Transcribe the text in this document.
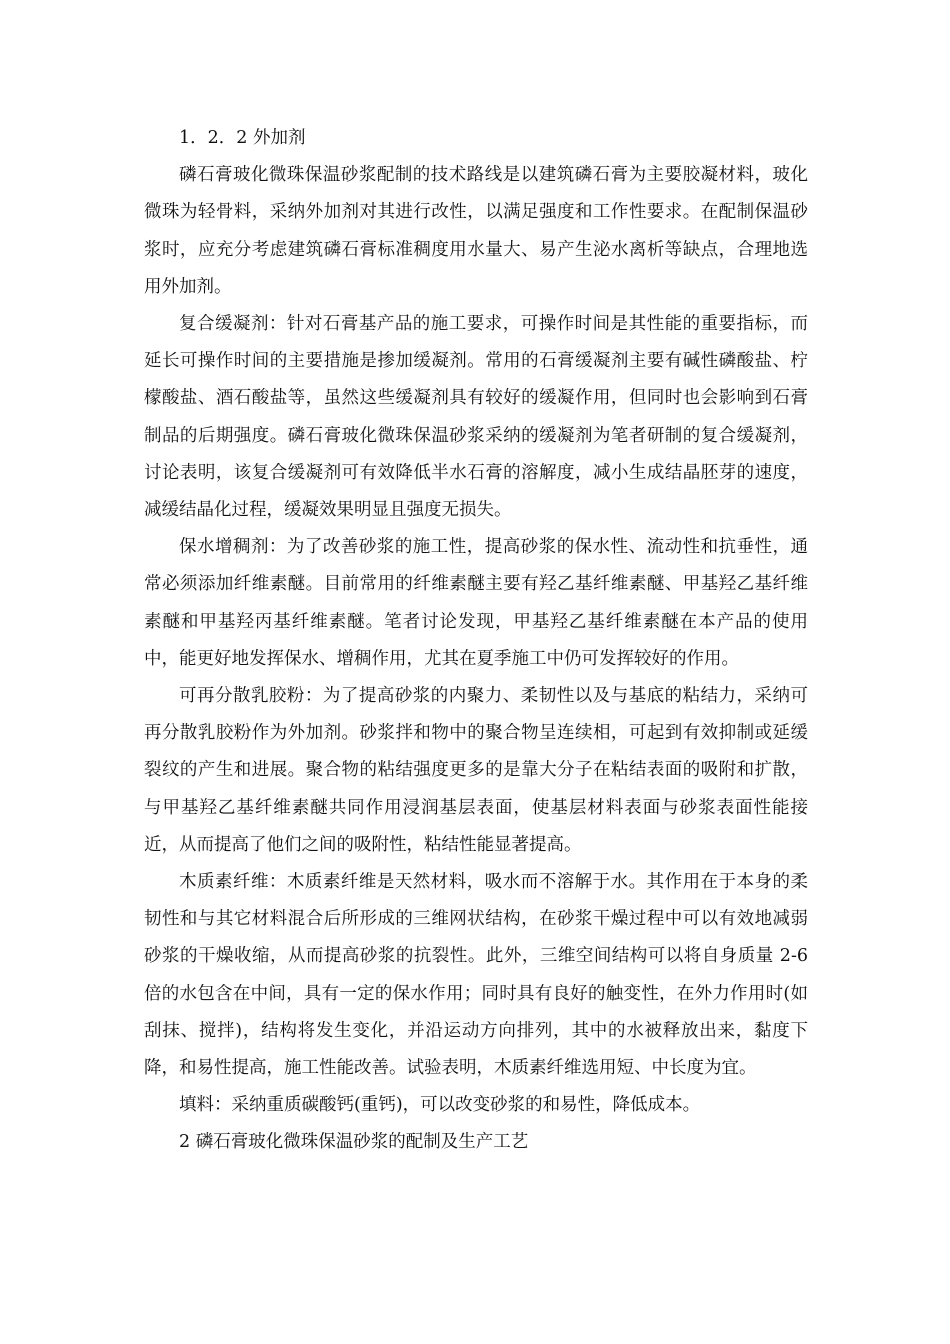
1．2．2 外加剂

磷石膏玻化微珠保温砂浆配制的技术路线是以建筑磷石膏为主要胶凝材料，玻化微珠为轻骨料，采纳外加剂对其进行改性，以满足强度和工作性要求。在配制保温砂浆时，应充分考虑建筑磷石膏标准稠度用水量大、易产生泌水离析等缺点，合理地选用外加剂。

复合缓凝剂：针对石膏基产品的施工要求，可操作时间是其性能的重要指标，而延长可操作时间的主要措施是掺加缓凝剂。常用的石膏缓凝剂主要有碱性磷酸盐、柠檬酸盐、酒石酸盐等，虽然这些缓凝剂具有较好的缓凝作用，但同时也会影响到石膏制品的后期强度。磷石膏玻化微珠保温砂浆采纳的缓凝剂为笔者研制的复合缓凝剂，讨论表明，该复合缓凝剂可有效降低半水石膏的溶解度，减小生成结晶胚芽的速度，减缓结晶化过程，缓凝效果明显且强度无损失。

保水增稠剂：为了改善砂浆的施工性，提高砂浆的保水性、流动性和抗垂性，通常必须添加纤维素醚。目前常用的纤维素醚主要有羟乙基纤维素醚、甲基羟乙基纤维素醚和甲基羟丙基纤维素醚。笔者讨论发现，甲基羟乙基纤维素醚在本产品的使用中，能更好地发挥保水、增稠作用，尤其在夏季施工中仍可发挥较好的作用。

可再分散乳胶粉：为了提高砂浆的内聚力、柔韧性以及与基底的粘结力，采纳可再分散乳胶粉作为外加剂。砂浆拌和物中的聚合物呈连续相，可起到有效抑制或延缓裂纹的产生和进展。聚合物的粘结强度更多的是靠大分子在粘结表面的吸附和扩散，与甲基羟乙基纤维素醚共同作用浸润基层表面，使基层材料表面与砂浆表面性能接近，从而提高了他们之间的吸附性，粘结性能显著提高。

木质素纤维：木质素纤维是天然材料，吸水而不溶解于水。其作用在于本身的柔韧性和与其它材料混合后所形成的三维网状结构，在砂浆干燥过程中可以有效地减弱砂浆的干燥收缩，从而提高砂浆的抗裂性。此外，三维空间结构可以将自身质量 2-6 倍的水包含在中间，具有一定的保水作用；同时具有良好的触变性，在外力作用时(如刮抹、搅拌)，结构将发生变化，并沿运动方向排列，其中的水被释放出来，黏度下降，和易性提高，施工性能改善。试验表明，木质素纤维选用短、中长度为宜。

填料：采纳重质碳酸钙(重钙)，可以改变砂浆的和易性，降低成本。

2 磷石膏玻化微珠保温砂浆的配制及生产工艺
